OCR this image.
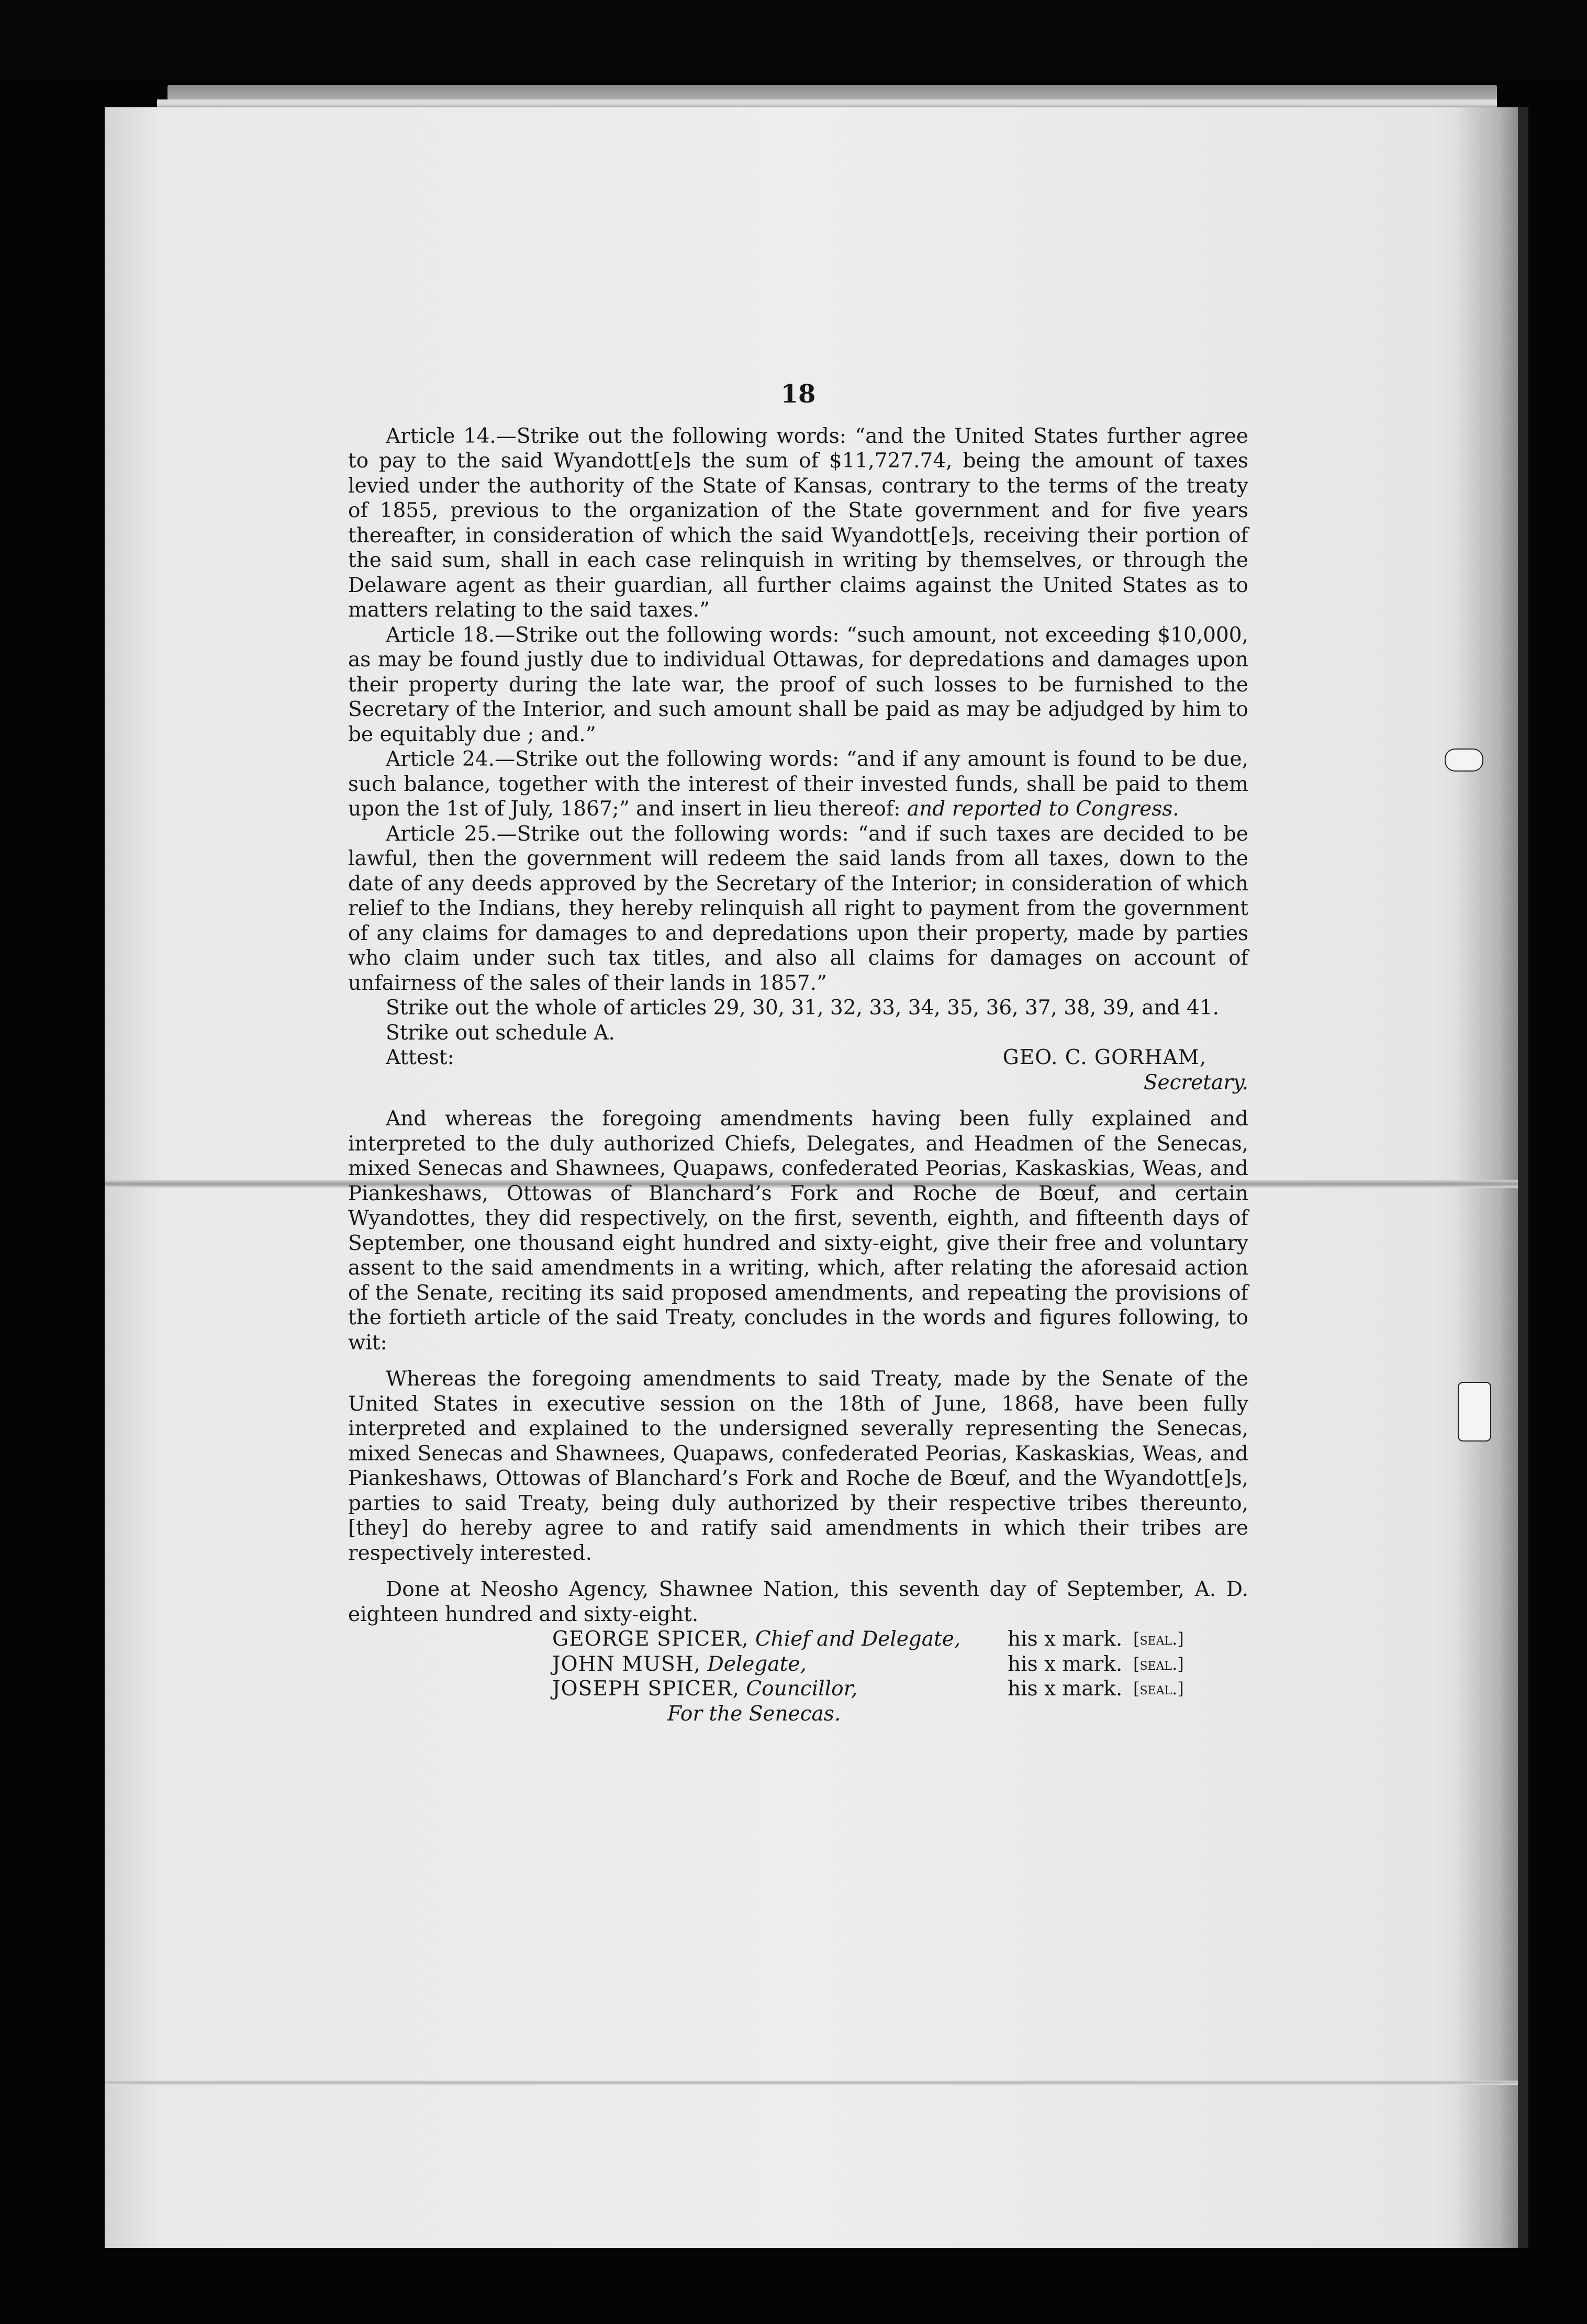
18

Article 14.—Strike out the following words: “and the United States further agree to pay to the said Wyandott[e]s the sum of $11,727.74, being the amount of taxes levied under the authority of the State of Kansas, contrary to the terms of the treaty of 1855, previous to the organization of the State government and for five years thereafter, in consideration of which the said Wyandott[e]s, receiving their portion of the said sum, shall in each case relinquish in writing by themselves, or through the Delaware agent as their guardian, all further claims against the United States as to matters relating to the said taxes.”

Article 18.—Strike out the following words: “such amount, not exceeding $10,000, as may be found justly due to individual Ottawas, for depredations and damages upon their property during the late war, the proof of such losses to be furnished to the Secretary of the Interior, and such amount shall be paid as may be adjudged by him to be equitably due ; and.”

Article 24.—Strike out the following words: “and if any amount is found to be due, such balance, together with the interest of their invested funds, shall be paid to them upon the 1st of July, 1867;” and insert in lieu thereof: and reported to Congress.

Article 25.—Strike out the following words: “and if such taxes are decided to be lawful, then the government will redeem the said lands from all taxes, down to the date of any deeds approved by the Secretary of the Interior; in consideration of which relief to the Indians, they hereby relinquish all right to payment from the government of any claims for damages to and depredations upon their property, made by parties who claim under such tax titles, and also all claims for damages on account of unfairness of the sales of their lands in 1857.”

Strike out the whole of articles 29, 30, 31, 32, 33, 34, 35, 36, 37, 38, 39, and 41.

Strike out schedule A.

Attest:	GEO. C. GORHAM,

Secretary.

And whereas the foregoing amendments having been fully explained and interpreted to the duly authorized Chiefs, Delegates, and Headmen of the Senecas, mixed Senecas and Shawnees, Quapaws, confederated Peorias, Kaskaskias, Weas, and Piankeshaws, Ottowas of Blanchard’s Fork and Roche de Bœuf, and certain Wyandottes, they did respectively, on the first, seventh, eighth, and fifteenth days of September, one thousand eight hundred and sixty-eight, give their free and voluntary assent to the said amendments in a writing, which, after relating the aforesaid action of the Senate, reciting its said proposed amendments, and repeating the provisions of the fortieth article of the said Treaty, concludes in the words and figures following, to wit:

Whereas the foregoing amendments to said Treaty, made by the Senate of the United States in executive session on the 18th of June, 1868, have been fully interpreted and explained to the undersigned severally representing the Senecas, mixed Senecas and Shawnees, Quapaws, confederated Peorias, Kaskaskias, Weas, and Piankeshaws, Ottowas of Blanchard’s Fork and Roche de Bœuf, and the Wyandott[e]s, parties to said Treaty, being duly authorized by their respective tribes thereunto, [they] do hereby agree to and ratify said amendments in which their tribes are respectively interested.

Done at Neosho Agency, Shawnee Nation, this seventh day of September, A. D. eighteen hundred and sixty-eight.

GEORGE SPICER, Chief and Delegate,	his x mark. [seal.]
JOHN MUSH, Delegate,	his x mark. [seal.]
JOSEPH SPICER, Councillor,	his x mark. [seal.]

For the Senecas.
